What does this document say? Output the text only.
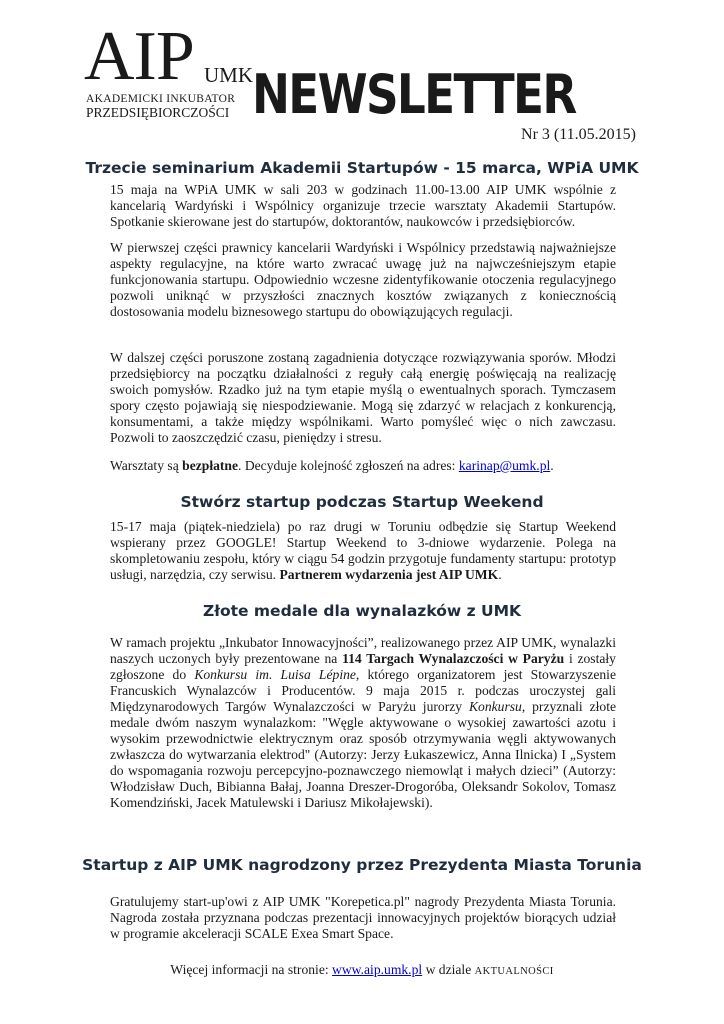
AIP UMK
AKADEMICKI INKUBATOR
PRZEDSIĘBIORCZOŚCI NEWSLETTER
Nr 3 (11.05.2015)
Trzecie seminarium Akademii Startupów - 15 marca, WPiA UMK

15 maja na WPiA UMK w sali 203 w godzinach 11.00-13.00 AIP UMK wspólnie z kancelarią Wardyński i Wspólnicy organizuje trzecie warsztaty Akademii Startupów. Spotkanie skierowane jest do startupów, doktorantów, naukowców i przedsiębiorców.

W pierwszej części prawnicy kancelarii Wardyński i Wspólnicy przedstawią najważniejsze aspekty regulacyjne, na które warto zwracać uwagę już na najwcześniejszym etapie funkcjonowania startupu. Odpowiednio wczesne zidentyfikowanie otoczenia regulacyjnego pozwoli uniknąć w przyszłości znacznych kosztów związanych z koniecznością dostosowania modelu biznesowego startupu do obowiązujących regulacji.

W dalszej części poruszone zostaną zagadnienia dotyczące rozwiązywania sporów. Młodzi przedsiębiorcy na początku działalności z reguły całą energię poświęcają na realizację swoich pomysłów. Rzadko już na tym etapie myślą o ewentualnych sporach. Tymczasem spory często pojawiają się niespodziewanie. Mogą się zdarzyć w relacjach z konkurencją, konsumentami, a także między wspólnikami. Warto pomyśleć więc o nich zawczasu. Pozwoli to zaoszczędzić czasu, pieniędzy i stresu.

Warsztaty są bezpłatne. Decyduje kolejność zgłoszeń na adres: karinap@umk.pl.

Stwórz startup podczas Startup Weekend

15-17 maja (piątek-niedziela) po raz drugi w Toruniu odbędzie się Startup Weekend wspierany przez GOOGLE! Startup Weekend to 3-dniowe wydarzenie. Polega na skompletowaniu zespołu, który w ciągu 54 godzin przygotuje fundamenty startupu: prototyp usługi, narzędzia, czy serwisu. Partnerem wydarzenia jest AIP UMK.

Złote medale dla wynalazków z UMK

W ramach projektu „Inkubator Innowacyjności”, realizowanego przez AIP UMK, wynalazki naszych uczonych były prezentowane na 114 Targach Wynalazczości w Paryżu i zostały zgłoszone do Konkursu im. Luisa Lépine, którego organizatorem jest Stowarzyszenie Francuskich Wynalazców i Producentów. 9 maja 2015 r. podczas uroczystej gali Międzynarodowych Targów Wynalazczości w Paryżu jurorzy Konkursu, przyznali złote medale dwóm naszym wynalazkom: "Węgle aktywowane o wysokiej zawartości azotu i wysokim przewodnictwie elektrycznym oraz sposób otrzymywania węgli aktywowanych zwłaszcza do wytwarzania elektrod" (Autorzy: Jerzy Łukaszewicz, Anna Ilnicka) I „System do wspomagania rozwoju percepcyjno-poznawczego niemowląt i małych dzieci” (Autorzy: Włodzisław Duch, Bibianna Bałaj, Joanna Dreszer-Drogoróba, Oleksandr Sokolov, Tomasz Komendziński, Jacek Matulewski i Dariusz Mikołajewski).

Startup z AIP UMK nagrodzony przez Prezydenta Miasta Torunia

Gratulujemy start-up'owi z AIP UMK "Korepetica.pl" nagrody Prezydenta Miasta Torunia. Nagroda została przyznana podczas prezentacji innowacyjnych projektów biorących udział w programie akceleracji SCALE Exea Smart Space.

Więcej informacji na stronie: www.aip.umk.pl w dziale AKTUALNOŚCI
